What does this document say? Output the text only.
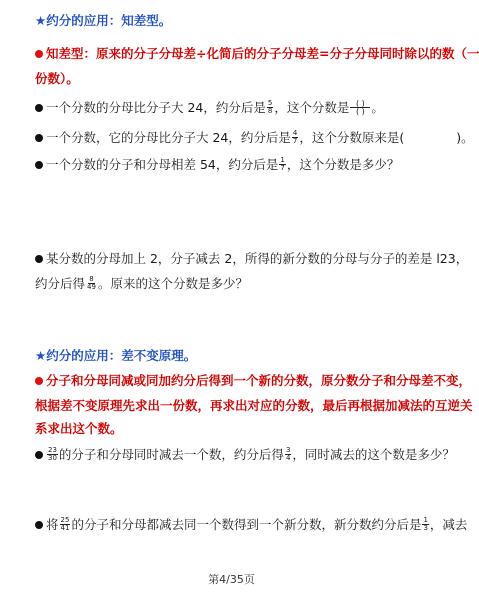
★约分的应用：知差型。
知差型：原来的分子分母差÷化简后的分子分母差=分子分母同时除以的数（一
份数）。
一个分数的分母比分子大 24，约分后是 $\frac{5}{8}$ ，这个分数是 $\frac{( )}{( )}$ 。
一个分数，它的分母比分子大 24，约分后是 $\frac{4}{7}$ ，这个分数原来是(	)。
一个分数的分子和分母相差 54，约分后是 $\frac{1}{7}$ ，这个分数是多少？
某分数的分母加上 2，分子减去 2，所得的新分数的分母与分子的差是 l23，
约分后得 $\frac{8}{49}$ 。原来的这个分数是多少？
★约分的应用：差不变原理。
分子和分母同减或同加约分后得到一个新的分数，原分数分子和分母差不变，
根据差不变原理先求出一份数，再求出对应的分数，最后再根据加减法的互逆关
系求出这个数。
$\frac{23}{30}$ 的分子和分母同时减去一个数，约分后得 $\frac{3}{4}$ ，同时减去的这个数是多少？
将 $\frac{25}{41}$ 的分子和分母都减去同一个数得到一个新分数，新分数约分后是 $\frac{1}{3}$ ，减去
第4/35页
